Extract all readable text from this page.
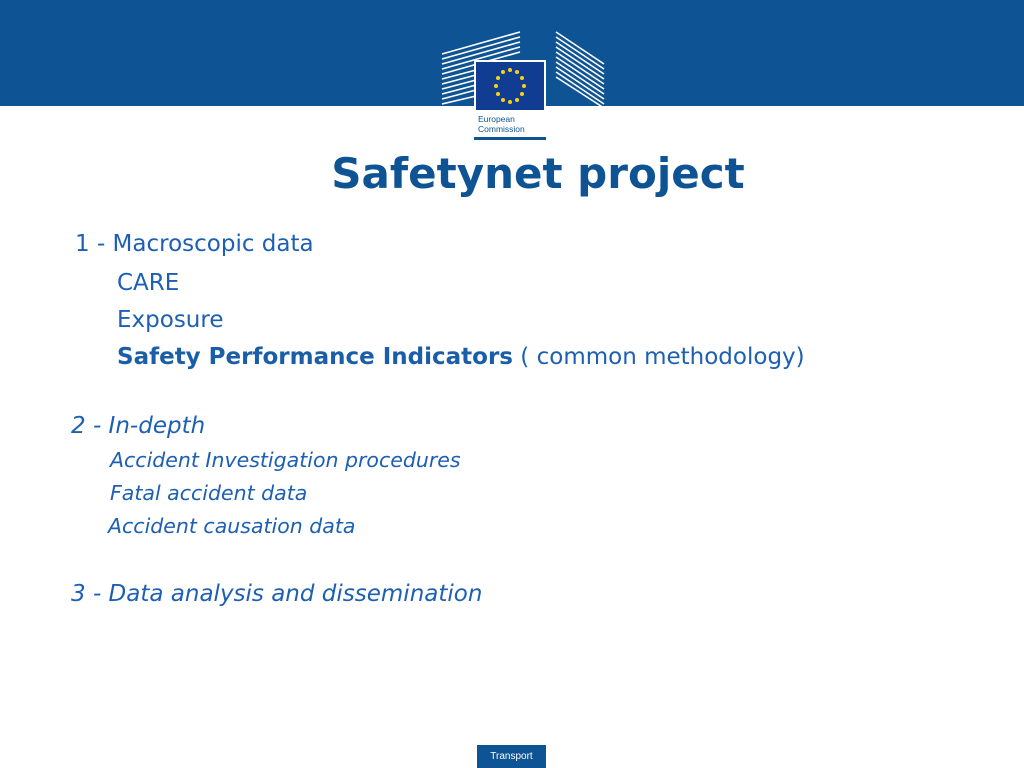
European
Commission
Safetynet project
1 - Macroscopic data
CARE
Exposure
Safety Performance Indicators ( common methodology)
2 - In-depth
Accident Investigation procedures
Fatal accident data
Accident causation data
3 - Data analysis and dissemination
Transport
